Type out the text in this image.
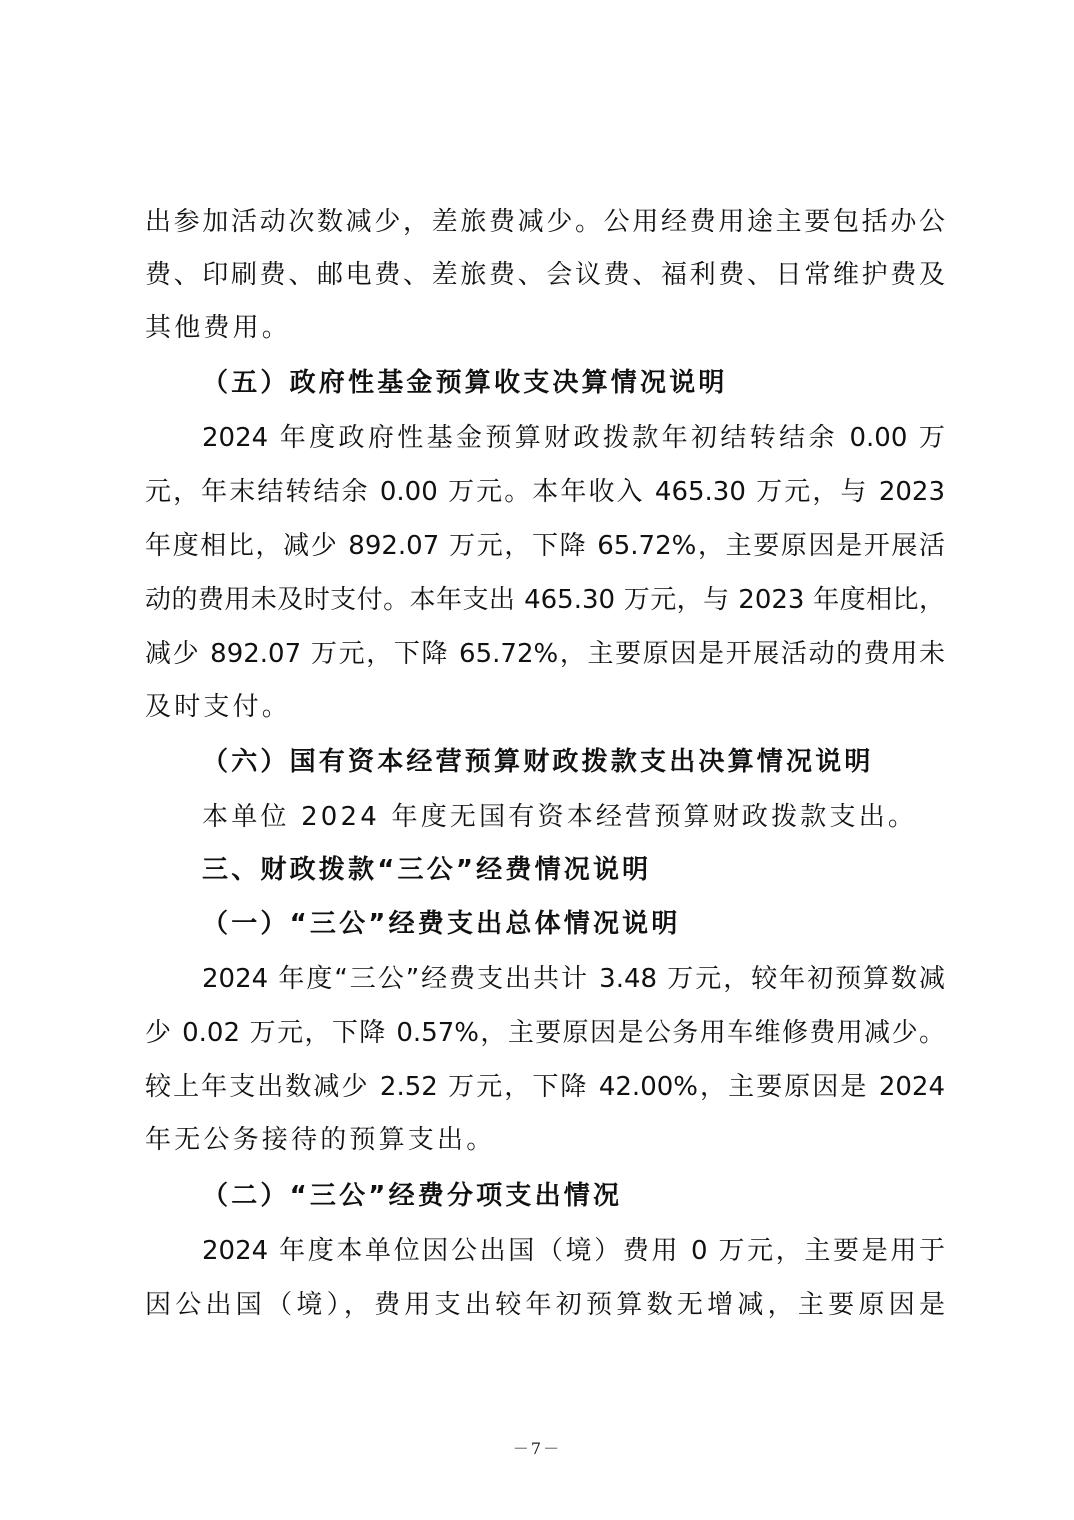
出参加活动次数减少，差旅费减少。公用经费用途主要包括办公
费、印刷费、邮电费、差旅费、会议费、福利费、日常维护费及
其他费用。
（五）政府性基金预算收支决算情况说明
2024 年度政府性基金预算财政拨款年初结转结余 0.00 万
元，年末结转结余 0.00 万元。本年收入 465.30 万元，与 2023
年度相比，减少 892.07 万元，下降 65.72%，主要原因是开展活
动的费用未及时支付。本年支出 465.30 万元，与 2023 年度相比，
减少 892.07 万元，下降 65.72%，主要原因是开展活动的费用未
及时支付。
（六）国有资本经营预算财政拨款支出决算情况说明
本单位 2024 年度无国有资本经营预算财政拨款支出。
三、财政拨款“三公”经费情况说明
（一）“三公”经费支出总体情况说明
2024 年度“三公”经费支出共计 3.48 万元，较年初预算数减
少 0.02 万元，下降 0.57%，主要原因是公务用车维修费用减少。
较上年支出数减少 2.52 万元，下降 42.00%，主要原因是 2024
年无公务接待的预算支出。
（二）“三公”经费分项支出情况
2024 年度本单位因公出国（境）费用 0 万元，主要是用于
因公出国（境），费用支出较年初预算数无增减，主要原因是
－7－
